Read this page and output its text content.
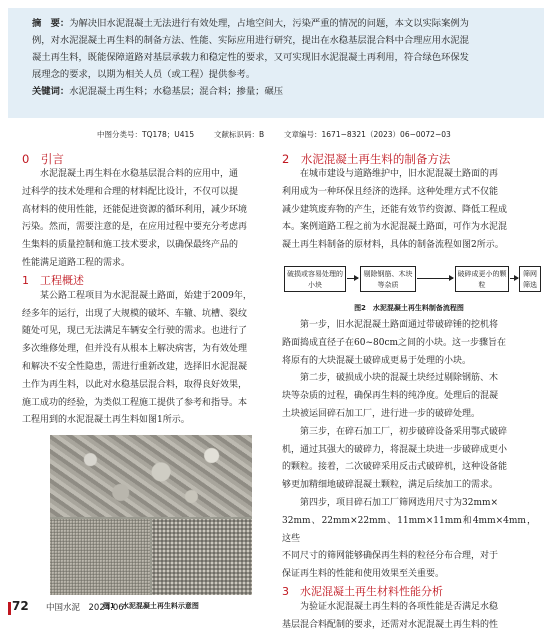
摘　要：为解决旧水泥混凝土无法进行有效处理，占地空间大，污染严重的情况的问题，本文以实际案例为
例，对水泥混凝土再生料的制备方法、性能、实际应用进行研究，提出在水稳基层混合料中合理应用水泥混
凝土再生料，既能保障道路对基层承载力和稳定性的要求，又可实现旧水泥混凝土再利用，符合绿色环保发
展理念的要求，以期为相关人员（或工程）提供参考。
关键词：水泥混凝土再生料；水稳基层；混合料；掺量；碾压
中图分类号：TQ178；U415	文献标识码：B	文章编号：1671−8321（2023）06−0072−03
0　引言

水泥混凝土再生料在水稳基层混合料的应用中，通
过科学的技术处理和合理的材料配比设计，不仅可以提
高材料的使用性能，还能促进资源的循环利用，减少环境
污染。然而，需要注意的是，在应用过程中要充分考虑再
生集料的质量控制和施工技术要求，以确保最终产品的
性能满足道路工程的需求。

1　工程概述

某公路工程项目为水泥混凝土路面，始建于2009年，
经多年的运行，出现了大规模的破坏、车辙、坑槽、裂纹
随处可见，现已无法满足车辆安全行驶的需求。也进行了
多次维修处理，但并没有从根本上解决病害，为有效处理
和解决不安全性隐患，需进行重新改建，选择旧水泥混凝
土作为再生料，以此对水稳基层混合料，取得良好效果，
施工成功的经验，为类似工程施工提供了参考和指导。本
工程用到的水泥混凝土再生料如图1所示。

图1　水泥混凝土再生料示意图
2　水泥混凝土再生料的制备方法

在城市建设与道路维护中，旧水泥混凝土路面的再
利用成为一种环保且经济的选择。这种处理方式不仅能
减少建筑废弃物的产生，还能有效节约资源、降低工程成
本。案例道路工程之前为水泥混凝土路面，可作为水泥混
凝土再生料制备的原材料，具体的制备流程如图2所示。

破损或容易处理的小块
剔除钢筋、木块等杂质
破碎成更小的颗粒
筛网筛选
图2　水泥混凝土再生料制备流程图

第一步，旧水泥混凝土路面通过带破碎锤的挖机将
路面捣成直径子在60~80cm之间的小块。这一步骤旨在
将原有的大块混凝土破碎成更易于处理的小块。

第二步，破损成小块的混凝土块经过剔除钢筋、木
块等杂质的过程，确保再生料的纯净度。处理后的混凝
土块被运回碎石加工厂，进行进一步的破碎处理。

第三步，在碎石加工厂，初步破碎设备采用鄂式破碎
机，通过其强大的破碎力，将混凝土块进一步破碎成更小
的颗粒。接着，二次破碎采用反击式破碎机，这种设备能
够更加精细地破碎混凝土颗粒，满足后续加工的需求。

第四步，项目碎石加工厂筛网选用尺寸为32mm×
32mm、22mm×22mm、11mm×11mm和4mm×4mm，这些
不同尺寸的筛网能够确保再生料的粒径分布合理，对于
保证再生料的性能和使用效果至关重要。

3　水泥混凝土再生材料性能分析

为验证水泥混凝土再生料的各项性能是否满足水稳
基层混合料配制的要求，还需对水泥混凝土再生料的性

72 中国水泥　2024.06
